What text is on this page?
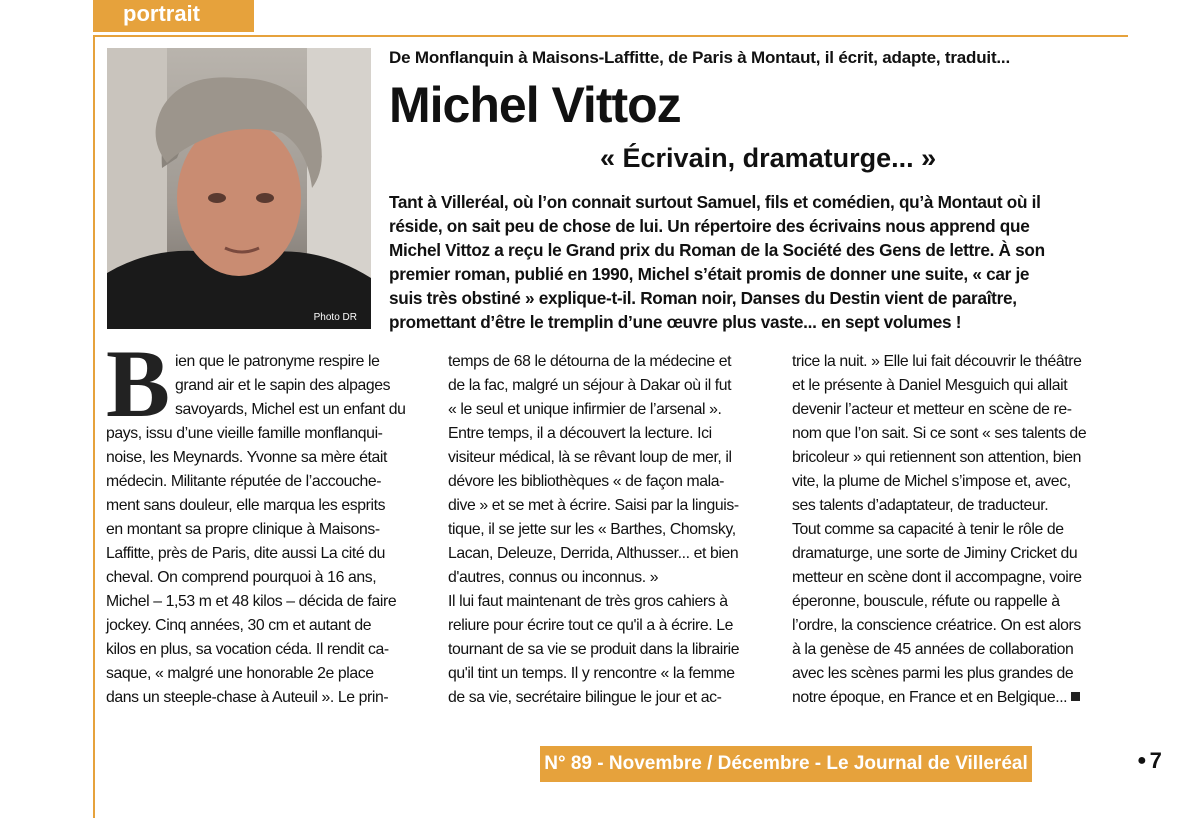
portrait
Photo DR
De Monflanquin à Maisons-Laffitte, de Paris à Montaut, il écrit, adapte, traduit...
Michel Vittoz
« Écrivain, dramaturge... »
Tant à Villeréal, où l’on connait surtout Samuel, fils et comédien, qu’à Montaut où il
réside, on sait peu de chose de lui. Un répertoire des écrivains nous apprend que
Michel Vittoz a reçu le Grand prix du Roman de la Société des Gens de lettre. À son
premier roman, publié en 1990, Michel s’était promis de donner une suite, « car je
suis très obstiné » explique-t-il. Roman noir, Danses du Destin vient de paraître,
promettant d’être le tremplin d’une œuvre plus vaste... en sept volumes !
B ien que le patronyme respire le
grand air et le sapin des alpages
savoyards, Michel est un enfant du
pays, issu d’une vieille famille monflanqui-
noise, les Meynards. Yvonne sa mère était
médecin. Militante réputée de l’accouche-
ment sans douleur, elle marqua les esprits
en montant sa propre clinique à Maisons-
Laffitte, près de Paris, dite aussi La cité du
cheval. On comprend pourquoi à 16 ans,
Michel – 1,53 m et 48 kilos – décida de faire
jockey. Cinq années, 30 cm et autant de
kilos en plus, sa vocation céda. Il rendit ca-
saque, « malgré une honorable 2e place
dans un steeple-chase à Auteuil ». Le prin-
temps de 68 le détourna de la médecine et
de la fac, malgré un séjour à Dakar où il fut
« le seul et unique infirmier de l’arsenal ».
Entre temps, il a découvert la lecture. Ici
visiteur médical, là se rêvant loup de mer, il
dévore les bibliothèques « de façon mala-
dive » et se met à écrire. Saisi par la linguis-
tique, il se jette sur les « Barthes, Chomsky,
Lacan, Deleuze, Derrida, Althusser... et bien
d'autres, connus ou inconnus. »
Il lui faut maintenant de très gros cahiers à
reliure pour écrire tout ce qu'il a à écrire. Le
tournant de sa vie se produit dans la librairie
qu'il tint un temps. Il y rencontre « la femme
de sa vie, secrétaire bilingue le jour et ac-
trice la nuit. » Elle lui fait découvrir le théâtre
et le présente à Daniel Mesguich qui allait
devenir l’acteur et metteur en scène de re-
nom que l’on sait. Si ce sont « ses talents de
bricoleur » qui retiennent son attention, bien
vite, la plume de Michel s’impose et, avec,
ses talents d’adaptateur, de traducteur.
Tout comme sa capacité à tenir le rôle de
dramaturge, une sorte de Jiminy Cricket du
metteur en scène dont il accompagne, voire
éperonne, bouscule, réfute ou rappelle à
l’ordre, la conscience créatrice. On est alors
à la genèse de 45 années de collaboration
avec les scènes parmi les plus grandes de
notre époque, en France et en Belgique...
N° 89 - Novembre / Décembre - Le Journal de Villeréal	● 7
